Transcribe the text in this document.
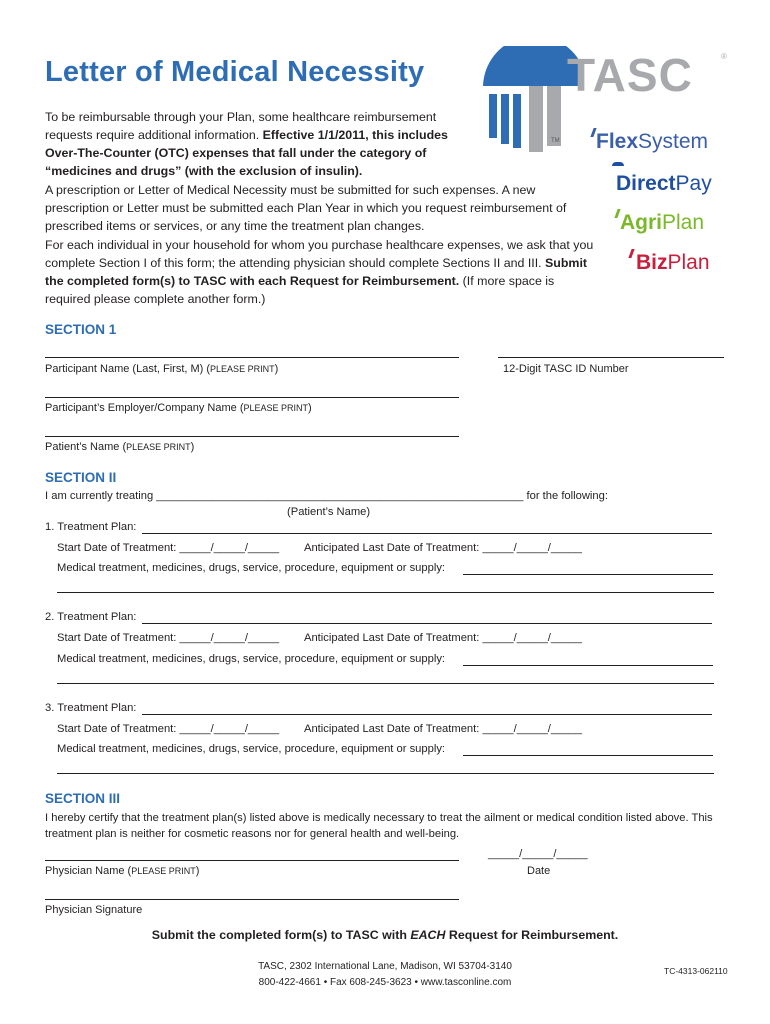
Letter of Medical Necessity
To be reimbursable through your Plan, some healthcare reimbursement requests require additional information. Effective 1/1/2011, this includes Over-The-Counter (OTC) expenses that fall under the category of “medicines and drugs” (with the exclusion of insulin).
A prescription or Letter of Medical Necessity must be submitted for such expenses. A new prescription or Letter must be submitted each Plan Year in which you request reimbursement of prescribed items or services, or any time the treatment plan changes.
For each individual in your household for whom you purchase healthcare expenses, we ask that you complete Section I of this form; the attending physician should complete Sections II and III. Submit the completed form(s) to TASC with each Request for Reimbursement. (If more space is required please complete another form.)
TASC	®
TM FlexSystem
DirectPay
AgriPlan
BizPlan
SECTION 1
Participant Name (Last, First, M) (PLEASE PRINT)	12-Digit TASC ID Number
Participant’s Employer/Company Name (PLEASE PRINT)
Patient’s Name (PLEASE PRINT)
SECTION II
I am currently treating ___________________________________________________________ for the following:
(Patient’s Name)
1. Treatment Plan:
Start Date of Treatment: _____/_____/_____ Anticipated Last Date of Treatment: _____/_____/_____
Medical treatment, medicines, drugs, service, procedure, equipment or supply:
2. Treatment Plan:
Start Date of Treatment: _____/_____/_____ Anticipated Last Date of Treatment: _____/_____/_____
Medical treatment, medicines, drugs, service, procedure, equipment or supply:
3. Treatment Plan:
Start Date of Treatment: _____/_____/_____ Anticipated Last Date of Treatment: _____/_____/_____
Medical treatment, medicines, drugs, service, procedure, equipment or supply:
SECTION III
I hereby certify that the treatment plan(s) listed above is medically necessary to treat the ailment or medical condition listed above. This treatment plan is neither for cosmetic reasons nor for general health and well-being.
_____/_____/_____
Physician Name (PLEASE PRINT)	Date
Physician Signature
Submit the completed form(s) to TASC with EACH Request for Reimbursement.
TASC, 2302 International Lane, Madison, WI 53704-3140
800-422-4661 • Fax 608-245-3623 • www.tasconline.com
TC-4313-062110
